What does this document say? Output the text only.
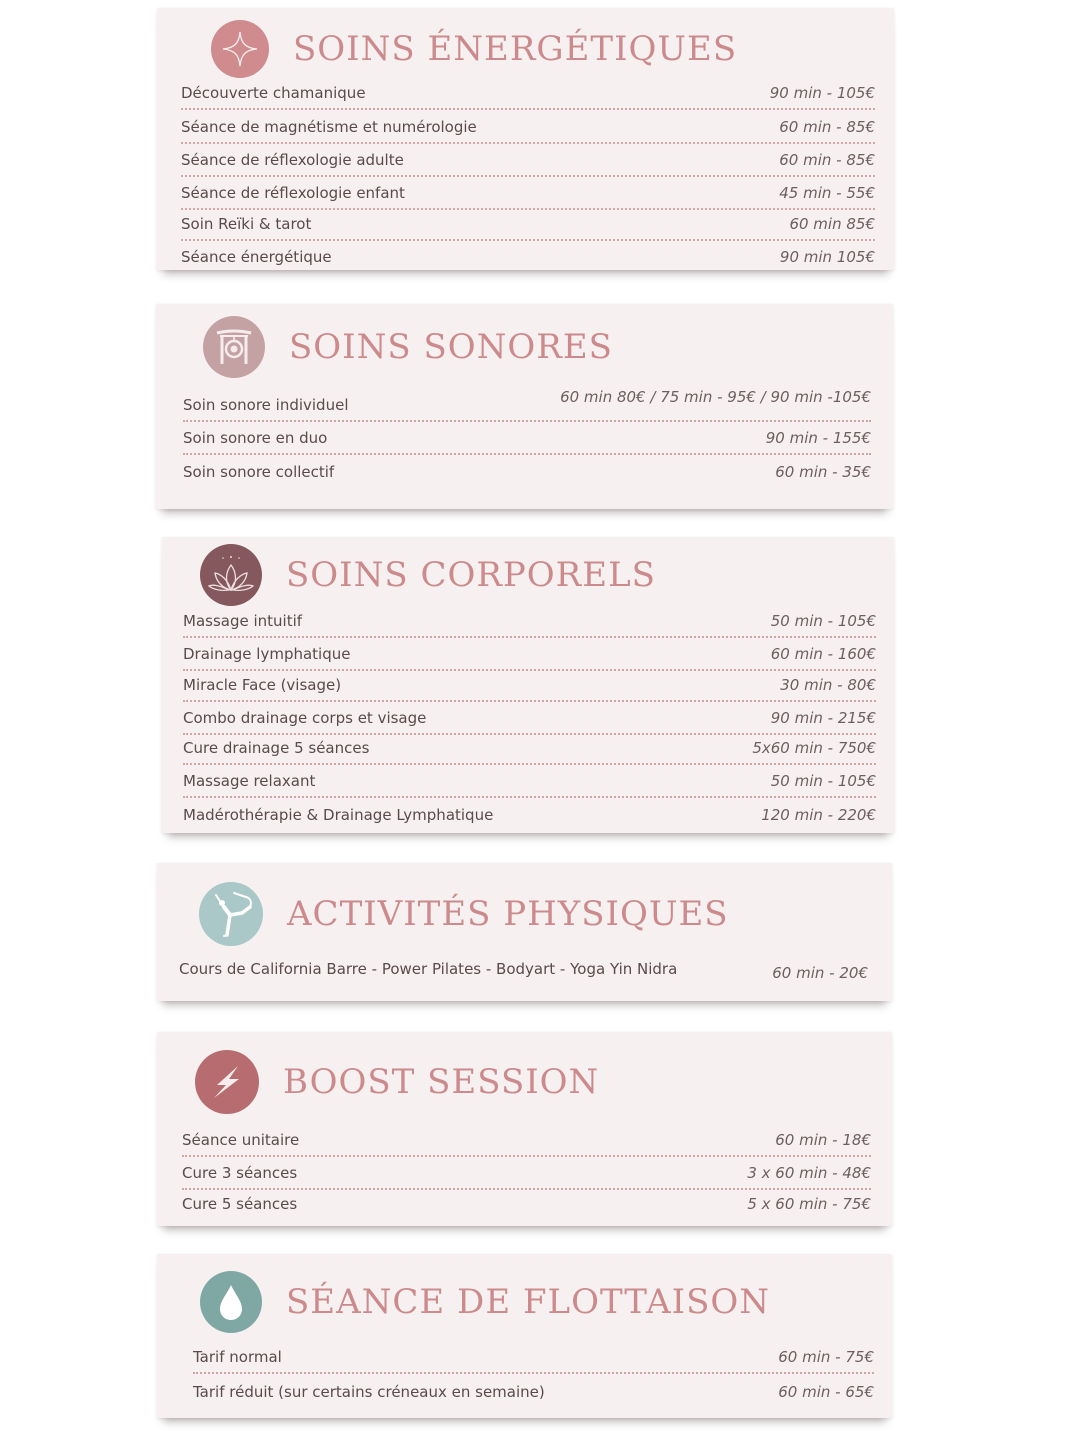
SOINS ÉNERGÉTIQUES
Découverte chamanique	90 min - 105€
Séance de magnétisme et numérologie	60 min - 85€
Séance de réflexologie adulte	60 min - 85€
Séance de réflexologie enfant	45 min - 55€
Soin Reïki & tarot	60 min 85€
Séance énergétique	90 min 105€
SOINS SONORES
Soin sonore individuel	60 min 80€ / 75 min - 95€ / 90 min -105€
Soin sonore en duo	90 min - 155€
Soin sonore collectif	60 min - 35€
SOINS CORPORELS
Massage intuitif	50 min - 105€
Drainage lymphatique	60 min - 160€
Miracle Face (visage)	30 min - 80€
Combo drainage corps et visage	90 min - 215€
Cure drainage 5 séances	5x60 min - 750€
Massage relaxant	50 min - 105€
Madérothérapie & Drainage Lymphatique	120 min - 220€
ACTIVITÉS PHYSIQUES
Cours de California Barre - Power Pilates - Bodyart - Yoga Yin Nidra	60 min - 20€
BOOST SESSION
Séance unitaire	60 min - 18€
Cure 3 séances	3 x 60 min - 48€
Cure 5 séances	5 x 60 min - 75€
SÉANCE DE FLOTTAISON
Tarif normal	60 min - 75€
Tarif réduit (sur certains créneaux en semaine)	60 min - 65€
